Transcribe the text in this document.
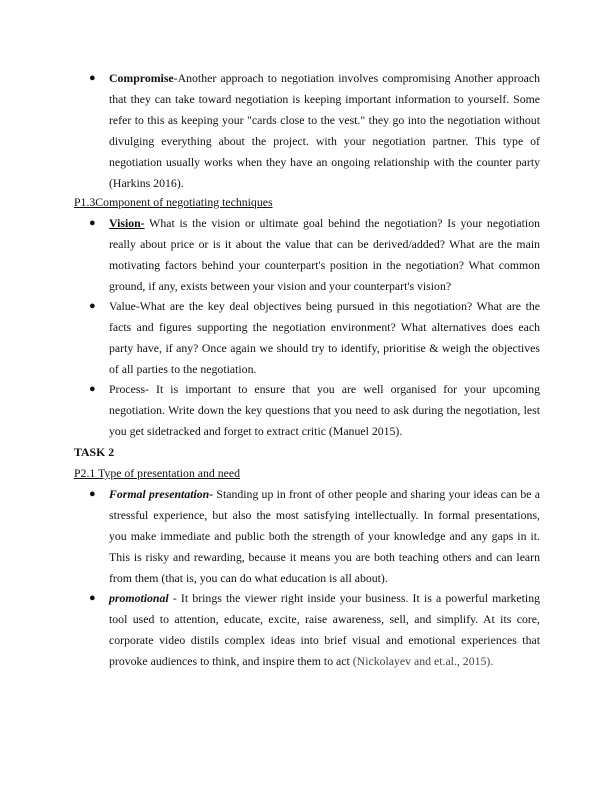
●	Compromise-Another approach to negotiation involves compromising Another approach that they can take toward negotiation is keeping important information to yourself. Some refer to this as keeping your "cards close to the vest." they go into the negotiation without divulging everything about the project. with your negotiation partner. This type of negotiation usually works when they have an ongoing relationship with the counter party (Harkins 2016).
P1.3Component of negotiating techniques
●	Vision- What is the vision or ultimate goal behind the negotiation? Is your negotiation really about price or is it about the value that can be derived/added? What are the main motivating factors behind your counterpart's position in the negotiation? What common ground, if any, exists between your vision and your counterpart's vision?
●	Value-What are the key deal objectives being pursued in this negotiation? What are the facts and figures supporting the negotiation environment? What alternatives does each party have, if any? Once again we should try to identify, prioritise & weigh the objectives of all parties to the negotiation.
●	Process- It is important to ensure that you are well organised for your upcoming negotiation. Write down the key questions that you need to ask during the negotiation, lest you get sidetracked and forget to extract critic (Manuel 2015).
TASK 2
P2.1 Type of presentation and need
●	Formal presentation- Standing up in front of other people and sharing your ideas can be a stressful experience, but also the most satisfying intellectually. In formal presentations, you make immediate and public both the strength of your knowledge and any gaps in it. This is risky and rewarding, because it means you are both teaching others and can learn from them (that is, you can do what education is all about).
●	promotional - It brings the viewer right inside your business. It is a powerful marketing tool used to attention, educate, excite, raise awareness, sell, and simplify. At its core, corporate video distils complex ideas into brief visual and emotional experiences that provoke audiences to think, and inspire them to act (Nickolayev and et.al., 2015).
